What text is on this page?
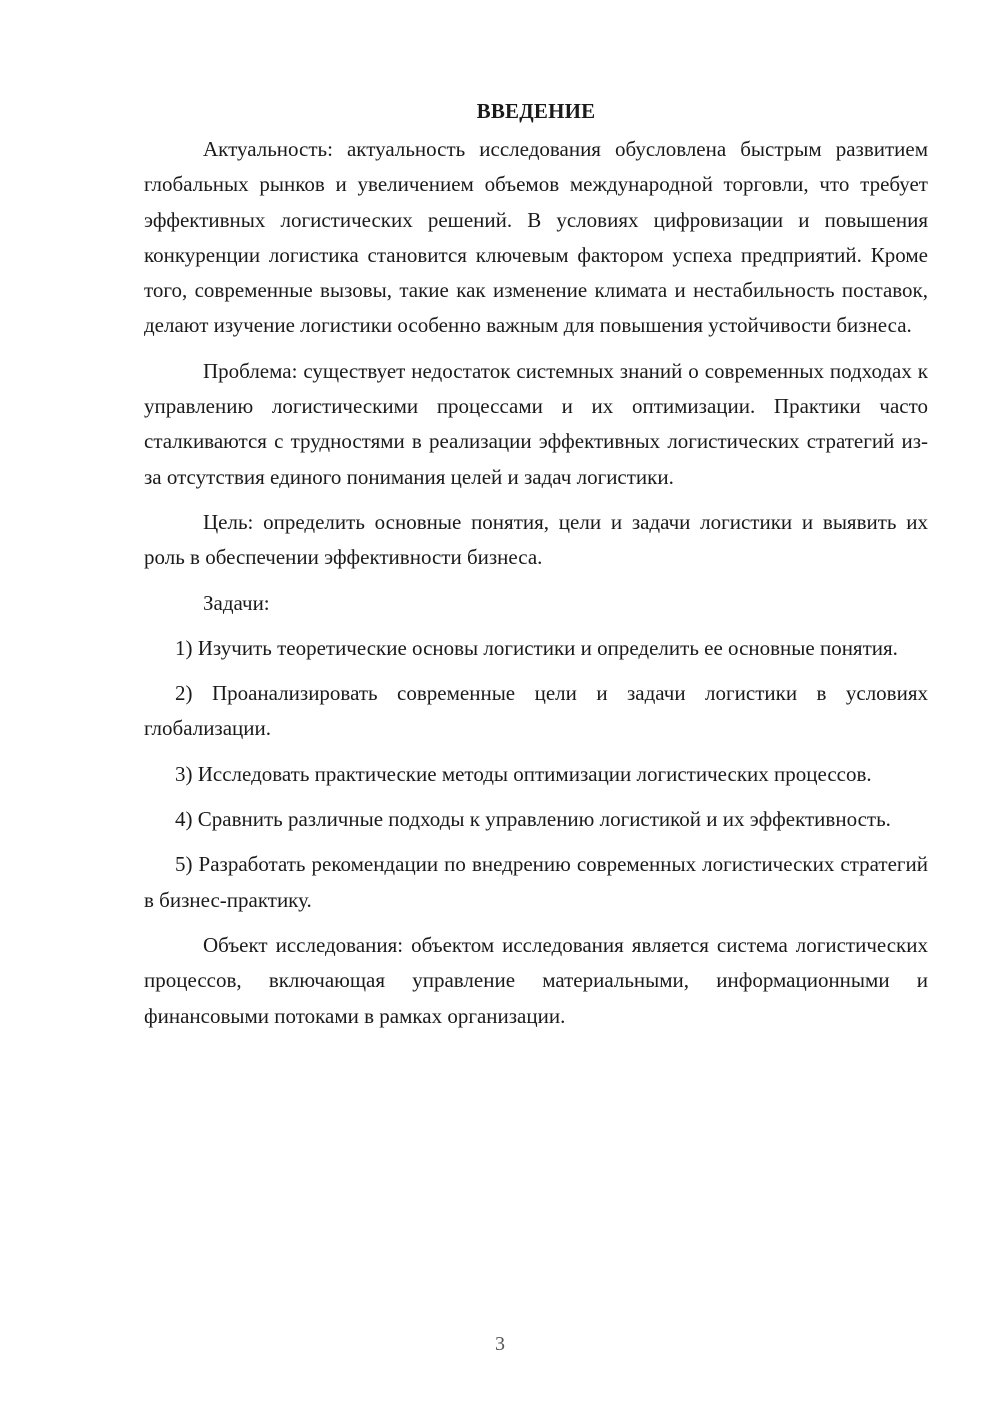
ВВЕДЕНИЕ

Актуальность: актуальность исследования обусловлена быстрым развитием глобальных рынков и увеличением объемов международной торговли, что требует эффективных логистических решений. В условиях цифровизации и повышения конкуренции логистика становится ключевым фактором успеха предприятий. Кроме того, современные вызовы, такие как изменение климата и нестабильность поставок, делают изучение логистики особенно важным для повышения устойчивости бизнеса.

Проблема: существует недостаток системных знаний о современных подходах к управлению логистическими процессами и их оптимизации. Практики часто сталкиваются с трудностями в реализации эффективных логистических стратегий из-за отсутствия единого понимания целей и задач логистики.

Цель: определить основные понятия, цели и задачи логистики и выявить их роль в обеспечении эффективности бизнеса.

Задачи:

1) Изучить теоретические основы логистики и определить ее основные понятия.

2) Проанализировать современные цели и задачи логистики в условиях глобализации.

3) Исследовать практические методы оптимизации логистических процессов.

4) Сравнить различные подходы к управлению логистикой и их эффективность.

5) Разработать рекомендации по внедрению современных логистических стратегий в бизнес-практику.

Объект исследования: объектом исследования является система логистических процессов, включающая управление материальными, информационными и финансовыми потоками в рамках организации.

3
